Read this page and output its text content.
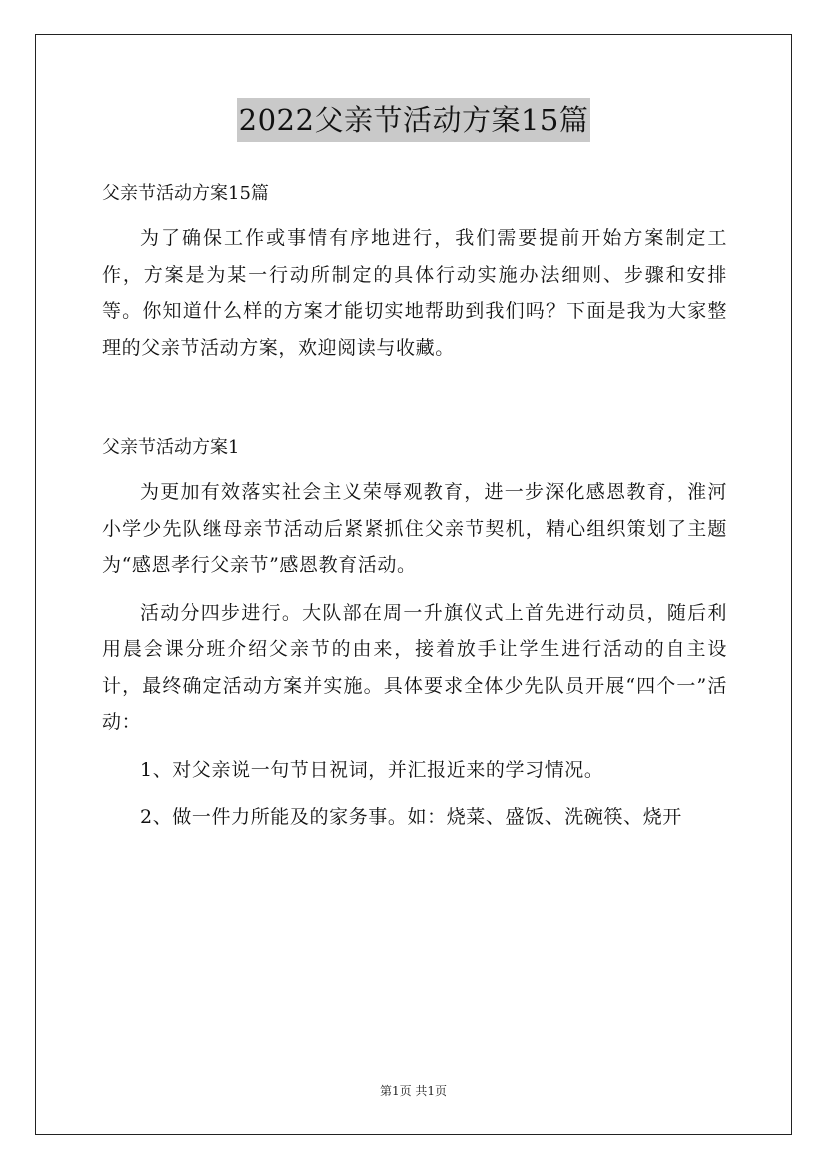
2022父亲节活动方案15篇

父亲节活动方案15篇

为了确保工作或事情有序地进行，我们需要提前开始方案制定工作，方案是为某一行动所制定的具体行动实施办法细则、步骤和安排等。你知道什么样的方案才能切实地帮助到我们吗？下面是我为大家整理的父亲节活动方案，欢迎阅读与收藏。

父亲节活动方案1

为更加有效落实社会主义荣辱观教育，进一步深化感恩教育，淮河小学少先队继母亲节活动后紧紧抓住父亲节契机，精心组织策划了主题为“感恩孝行父亲节”感恩教育活动。

活动分四步进行。大队部在周一升旗仪式上首先进行动员，随后利用晨会课分班介绍父亲节的由来，接着放手让学生进行活动的自主设计，最终确定活动方案并实施。具体要求全体少先队员开展“四个一”活动：

1、对父亲说一句节日祝词，并汇报近来的学习情况。

2、做一件力所能及的家务事。如：烧菜、盛饭、洗碗筷、烧开

第1页 共1页
